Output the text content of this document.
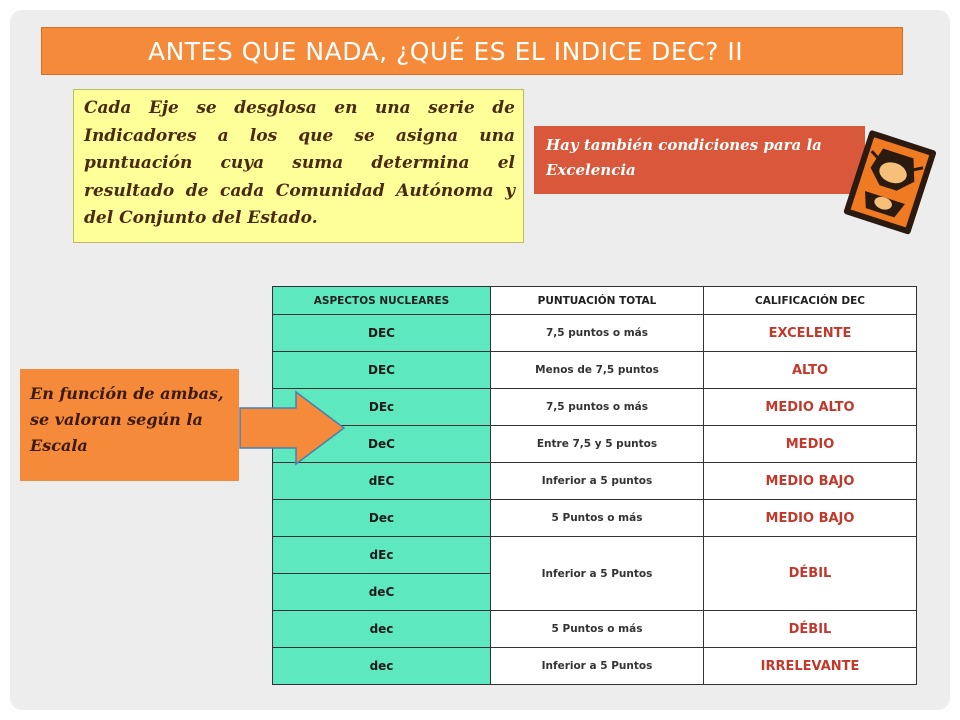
ANTES QUE NADA, ¿QUÉ ES EL INDICE DEC? II
Cada Eje se desglosa en una serie de Indicadores a los que se asigna una puntuación cuya suma determina el resultado de cada Comunidad Autónoma y del Conjunto del Estado.
Hay también condiciones para la Excelencia
En función de ambas, se valoran según la Escala
ASPECTOS NUCLEARES	PUNTUACIÓN TOTAL	CALIFICACIÓN DEC
DEC	7,5 puntos o más	EXCELENTE
DEC	Menos de 7,5 puntos	ALTO
DEc	7,5 puntos o más	MEDIO ALTO
DeC	Entre 7,5 y 5 puntos	MEDIO
dEC	Inferior a 5 puntos	MEDIO BAJO
Dec	5 Puntos o más	MEDIO BAJO
dEc	Inferior a 5 Puntos	DÉBIL
deC		
dec	5 Puntos o más	DÉBIL
dec	Inferior a 5 Puntos	IRRELEVANTE
